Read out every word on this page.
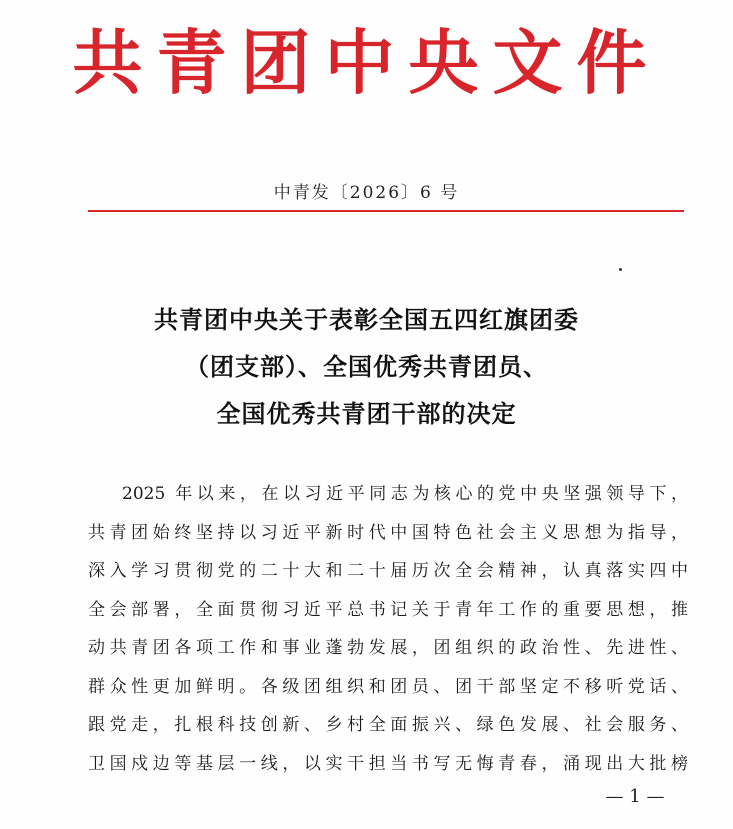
共青团中央文件
中青发〔2026〕6 号
共青团中央关于表彰全国五四红旗团委
（团支部）、全国优秀共青团员、
全国优秀共青团干部的决定
2025 年以来，在以习近平同志为核心的党中央坚强领导下，
共青团始终坚持以习近平新时代中国特色社会主义思想为指导，
深入学习贯彻党的二十大和二十届历次全会精神，认真落实四中
全会部署，全面贯彻习近平总书记关于青年工作的重要思想，推
动共青团各项工作和事业蓬勃发展，团组织的政治性、先进性、
群众性更加鲜明。各级团组织和团员、团干部坚定不移听党话、
跟党走，扎根科技创新、乡村全面振兴、绿色发展、社会服务、
卫国戍边等基层一线，以实干担当书写无悔青春，涌现出大批榜
— 1 —
